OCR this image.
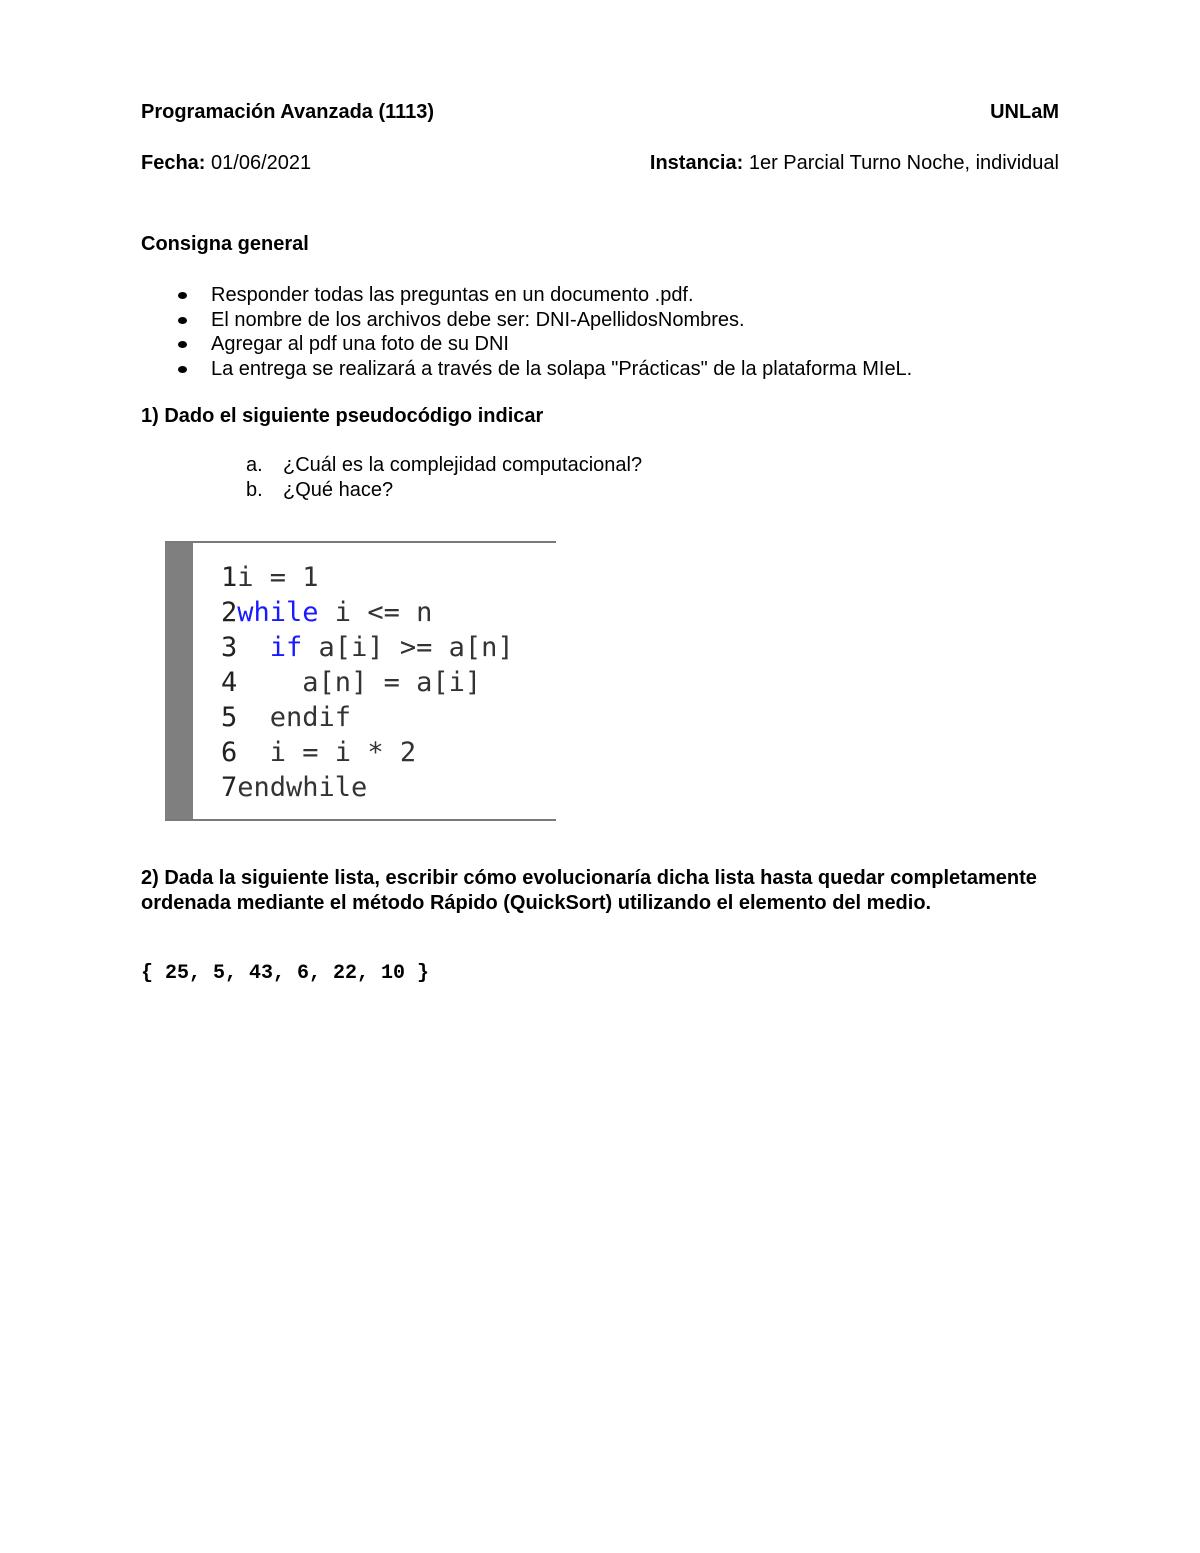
Programación Avanzada (1113)	UNLaM
Fecha: 01/06/2021	Instancia: 1er Parcial Turno Noche, individual
Consigna general
Responder todas las preguntas en un documento .pdf.
El nombre de los archivos debe ser: DNI-ApellidosNombres.
Agregar al pdf una foto de su DNI
La entrega se realizará a través de la solapa "Prácticas" de la plataforma MIeL.
1) Dado el siguiente pseudocódigo indicar
a.	¿Cuál es la complejidad computacional?
b.	¿Qué hace?
1i = 1
2while i <= n
3 if a[i] >= a[n]
4 a[n] = a[i]
5 endif
6 i = i * 2
7endwhile
2) Dada la siguiente lista, escribir cómo evolucionaría dicha lista hasta quedar completamente ordenada mediante el método Rápido (QuickSort) utilizando el elemento del medio.
{ 25, 5, 43, 6, 22, 10 }
